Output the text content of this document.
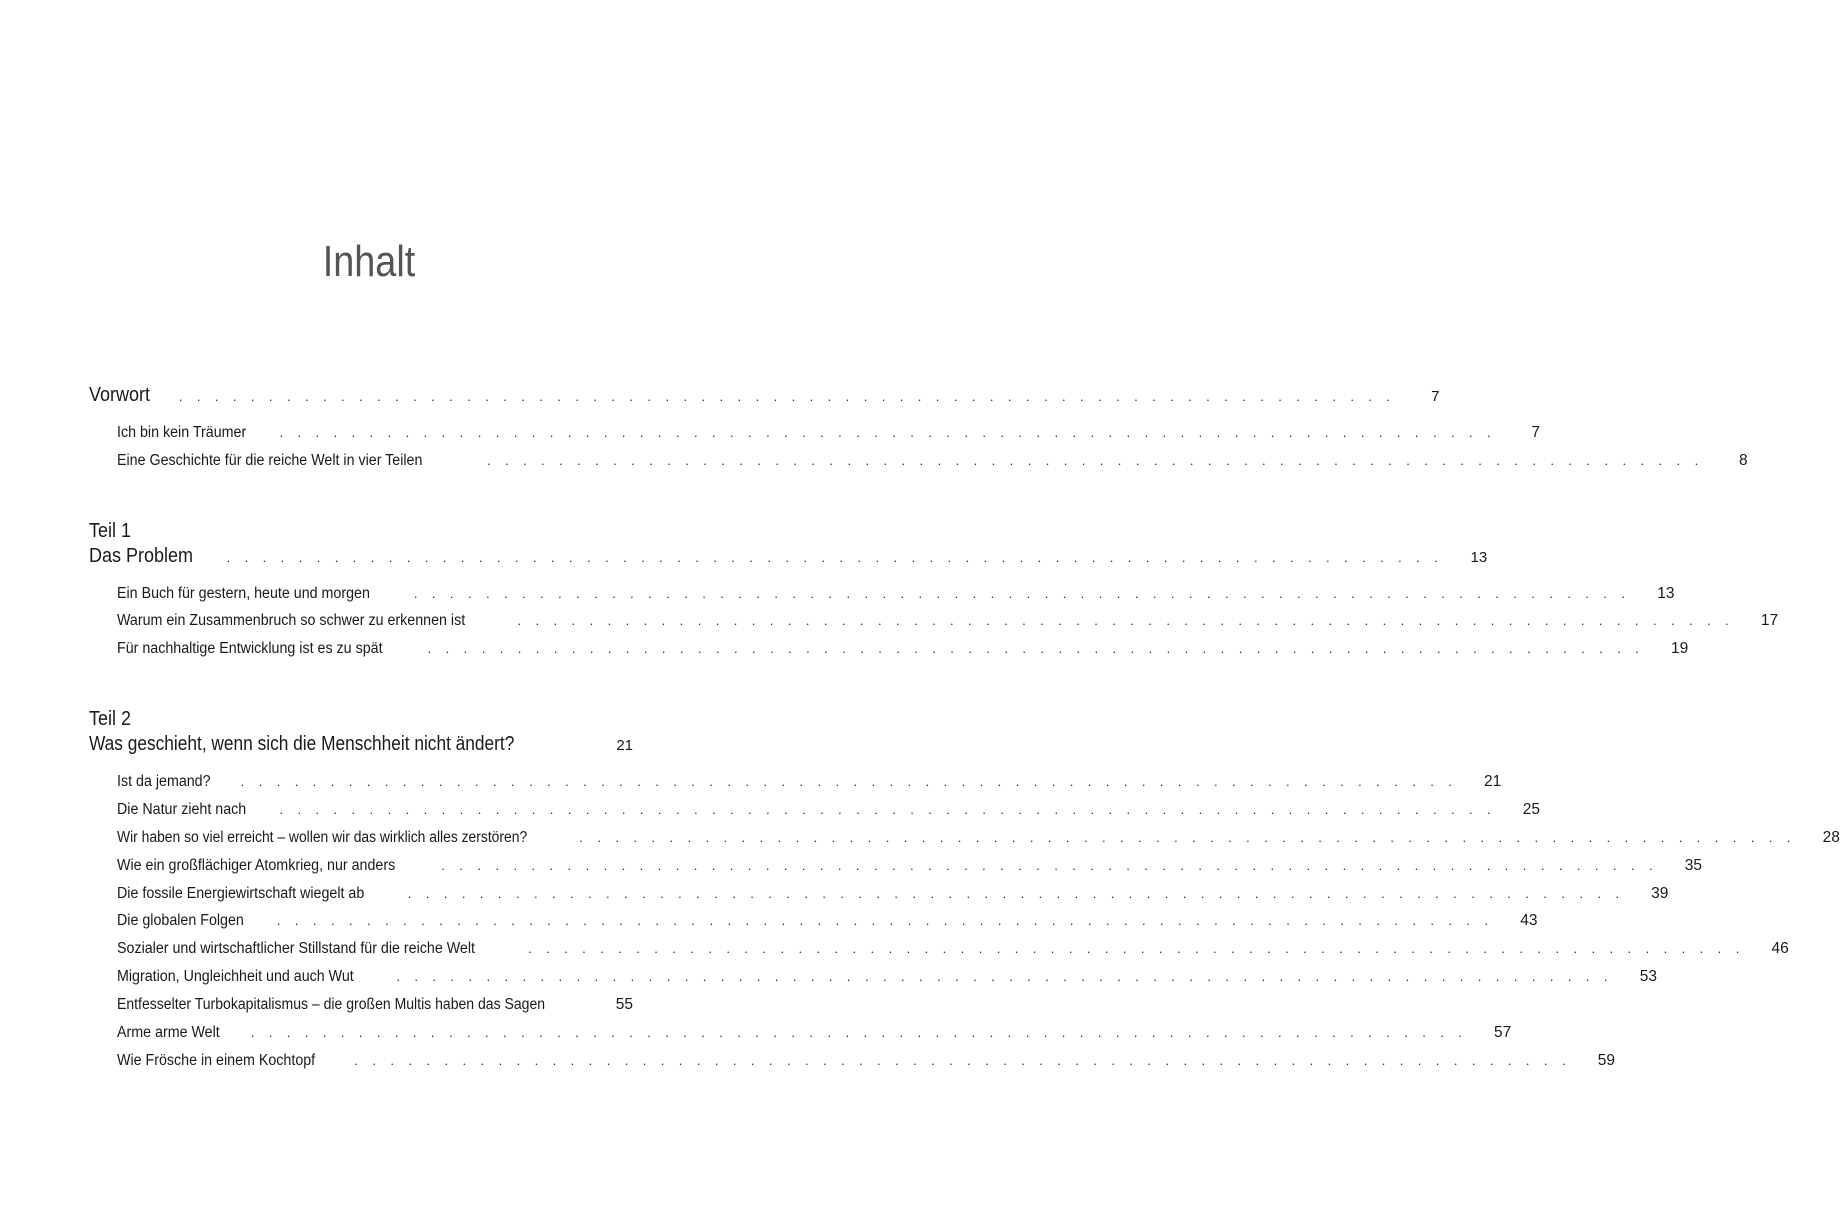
Inhalt
Vorwort . . . . . . . . . . . . . . . . . . . . . . . . . . . . . . . . . . . . . . . . . . . . . . . . . . . . . . . . . . . . . . . . . . . .	7
Ich bin kein Träumer	. . . . . . . . . . . . . . . . . . . . . . . . . . . . . . . . . . . . . . . . . . . . . . . . . . . . . . . . . . . . . . . . . . . .	7
Eine Geschichte für die reiche Welt in vier Teilen	. . . . . . . . . . . . . . . . . . . . . . . . . . . . . . . . . . . . . . . . . . . . . . . . . . . . . . . . . . . . . . . . . . . .	8
Teil 1
Das Problem	. . . . . . . . . . . . . . . . . . . . . . . . . . . . . . . . . . . . . . . . . . . . . . . . . . . . . . . . . . . . . . . . . . . .	13
Ein Buch für gestern, heute und morgen	. . . . . . . . . . . . . . . . . . . . . . . . . . . . . . . . . . . . . . . . . . . . . . . . . . . . . . . . . . . . . . . . . . . .	13
Warum ein Zusammenbruch so schwer zu erkennen ist	. . . . . . . . . . . . . . . . . . . . . . . . . . . . . . . . . . . . . . . . . . . . . . . . . . . . . . . . . . . . . . . . . . . .	17
Für nachhaltige Entwicklung ist es zu spät	. . . . . . . . . . . . . . . . . . . . . . . . . . . . . . . . . . . . . . . . . . . . . . . . . . . . . . . . . . . . . . . . . . . .	19
Teil 2
Was geschieht, wenn sich die Menschheit nicht ändert?	21
Ist da jemand? . . . . . . . . . . . . . . . . . . . . . . . . . . . . . . . . . . . . . . . . . . . . . . . . . . . . . . . . . . . . . . . . . . . .	21
Die Natur zieht nach	. . . . . . . . . . . . . . . . . . . . . . . . . . . . . . . . . . . . . . . . . . . . . . . . . . . . . . . . . . . . . . . . . . . .	25
Wir haben so viel erreicht – wollen wir das wirklich alles zerstören?	. . . . . . . . . . . . . . . . . . . . . . . . . . . . . . . . . . . . . . . . . . . . . . . . . . . . . . . . . . . . . . . . . . . .	28
Wie ein großflächiger Atomkrieg, nur anders	. . . . . . . . . . . . . . . . . . . . . . . . . . . . . . . . . . . . . . . . . . . . . . . . . . . . . . . . . . . . . . . . . . . .	35
Die fossile Energiewirtschaft wiegelt ab	. . . . . . . . . . . . . . . . . . . . . . . . . . . . . . . . . . . . . . . . . . . . . . . . . . . . . . . . . . . . . . . . . . . .	39
Die globalen Folgen	. . . . . . . . . . . . . . . . . . . . . . . . . . . . . . . . . . . . . . . . . . . . . . . . . . . . . . . . . . . . . . . . . . . .	43
Sozialer und wirtschaftlicher Stillstand für die reiche Welt	. . . . . . . . . . . . . . . . . . . . . . . . . . . . . . . . . . . . . . . . . . . . . . . . . . . . . . . . . . . . . . . . . . . .	46
Migration, Ungleichheit und auch Wut	. . . . . . . . . . . . . . . . . . . . . . . . . . . . . . . . . . . . . . . . . . . . . . . . . . . . . . . . . . . . . . . . . . . .	53
Entfesselter Turbokapitalismus – die großen Multis haben das Sagen	55
Arme arme Welt . . . . . . . . . . . . . . . . . . . . . . . . . . . . . . . . . . . . . . . . . . . . . . . . . . . . . . . . . . . . . . . . . . . .	57
Wie Frösche in einem Kochtopf	. . . . . . . . . . . . . . . . . . . . . . . . . . . . . . . . . . . . . . . . . . . . . . . . . . . . . . . . . . . . . . . . . . . .	59
